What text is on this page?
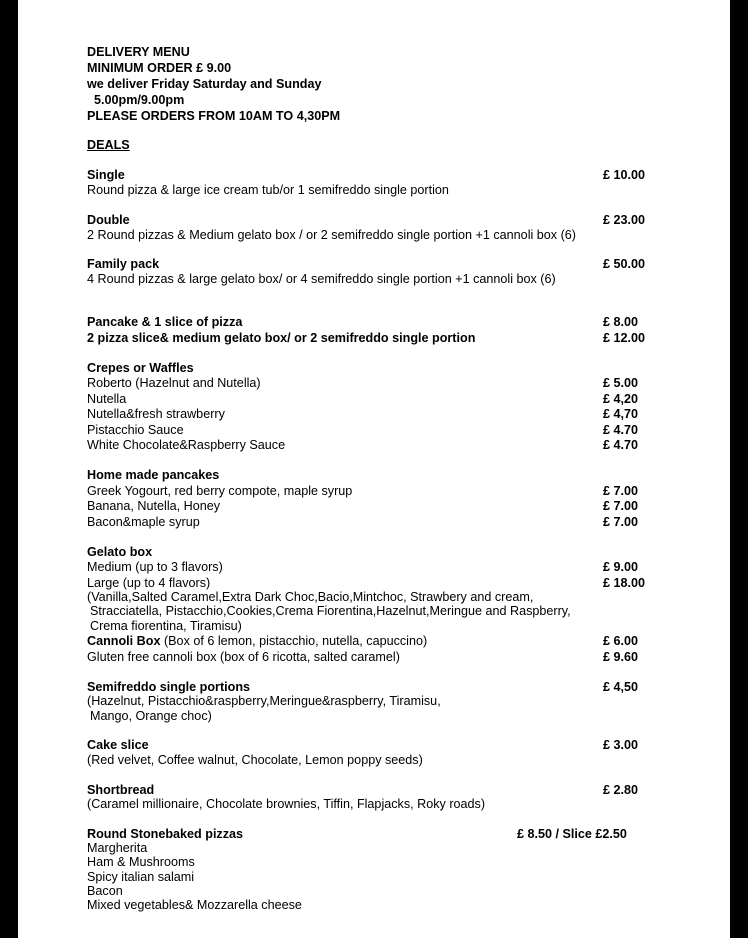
DELIVERY MENU
MINIMUM ORDER £ 9.00
we deliver Friday Saturday and Sunday
5.00pm/9.00pm
PLEASE ORDERS FROM 10AM TO 4,30PM
DEALS
Single	£ 10.00
Round pizza & large ice cream tub/or 1 semifreddo single portion
Double	£ 23.00
2 Round pizzas & Medium gelato box / or 2 semifreddo single portion +1 cannoli box (6)
Family pack	£ 50.00
4 Round pizzas & large gelato box/ or 4 semifreddo single portion +1 cannoli box (6)
Pancake & 1 slice of pizza	£ 8.00
2 pizza slice& medium gelato box/ or 2 semifreddo single portion	£ 12.00
Crepes or Waffles
Roberto (Hazelnut and Nutella)	£ 5.00
Nutella	£ 4,20
Nutella&fresh strawberry	£ 4,70
Pistacchio Sauce	£ 4.70
White Chocolate&Raspberry Sauce	£ 4.70
Home made pancakes
Greek Yogourt, red berry compote, maple syrup	£ 7.00
Banana, Nutella, Honey	£ 7.00
Bacon&maple syrup	£ 7.00
Gelato box
Medium (up to 3 flavors)	£ 9.00
Large (up to 4 flavors)	£ 18.00
(Vanilla,Salted Caramel,Extra Dark Choc,Bacio,Mintchoc, Strawbery and cream,
Stracciatella, Pistacchio,Cookies,Crema Fiorentina,Hazelnut,Meringue and Raspberry,
Crema fiorentina, Tiramisu)
Cannoli Box (Box of 6 lemon, pistacchio, nutella, capuccino)	£ 6.00
Gluten free cannoli box (box of 6 ricotta, salted caramel)	£ 9.60
Semifreddo single portions	£ 4,50
(Hazelnut, Pistacchio&raspberry,Meringue&raspberry, Tiramisu,
Mango, Orange choc)
Cake slice	£ 3.00
(Red velvet, Coffee walnut, Chocolate, Lemon poppy seeds)
Shortbread	£ 2.80
(Caramel millionaire, Chocolate brownies, Tiffin, Flapjacks, Roky roads)
Round Stonebaked pizzas	£ 8.50 / Slice £2.50
Margherita
Ham & Mushrooms
Spicy italian salami
Bacon
Mixed vegetables& Mozzarella cheese
